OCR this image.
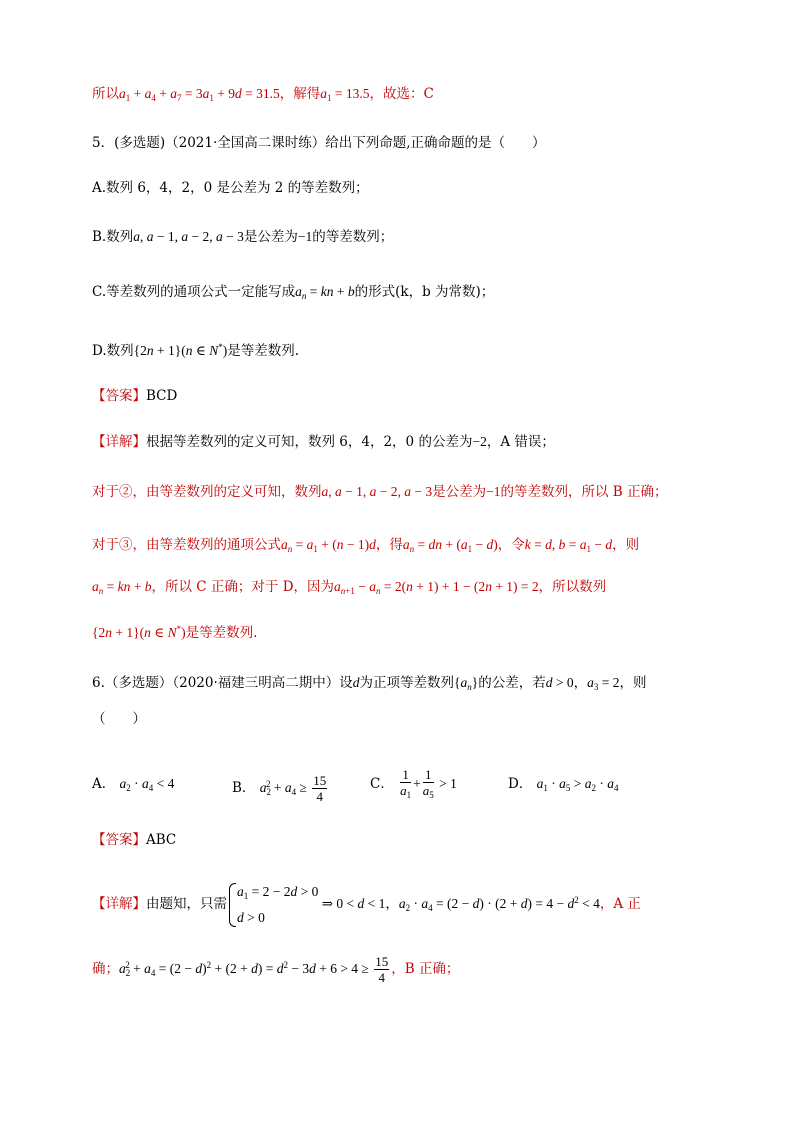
所以$a_1 + a_4 + a_7 = 3a_1 + 9d = 31.5$，解得$a_1 = 13.5$，故选：C
5．(多选题)（2021·全国高二课时练）给出下列命题,正确命题的是（　　）
A.数列 6，4，2，0 是公差为 2 的等差数列；
B.数列a, a − 1, a − 2, a − 3是公差为−1的等差数列；
C.等差数列的通项公式一定能写成$a_n$ = kn + b的形式(k，b 为常数)；
D.数列{2n + 1}(n ∈ N*)是等差数列.
【答案】BCD
【详解】根据等差数列的定义可知，数列 6，4，2，0 的公差为−2，A 错误；
对于②，由等差数列的定义可知，数列a, a − 1, a − 2, a − 3是公差为−1的等差数列，所以 B 正确；
对于③，由等差数列的通项公式$a_n = a_1 + (n - 1)d$，得$a_n$ = dn + $(a_1 - d)$，令k = d, $b = a_1 - d$，则
$a_n$ = kn + b，所以 C 正确；对于 D，因为$a_{n+1} - a_n = 2(n + 1) + 1 - (2n + 1) = 2$，所以数列
{2n + 1}(n ∈ N*)是等差数列.
6.（多选题）（2020·福建三明高二期中）设d为正项等差数列$\{a_n\}$的公差，若d > 0，$a_3 = 2$，则
（　　）
A． $a_2 \cdot a_4 < 4$	B． $a_2^2 + a_4 \ge \frac{15}{4}$	C． $\frac{1}{a_1} + \frac{1}{a_5} > 1$	D． $a_1 \cdot a_5 > a_2 \cdot a_4$
【答案】ABC
【详解】由题知，只需
$a_1 = 2 - 2d > 0$
d > 0
⇒ 0 < d < 1，$a_2 \cdot a_4 = (2 - d) \cdot (2 + d) = 4 - d^2 < 4$，A 正
确；$a_2^2 + a_4 = (2 - d)^2 + (2 + d) = d^2 - 3d + 6 > 4 \ge \frac{15}{4}$ ，B 正确；
